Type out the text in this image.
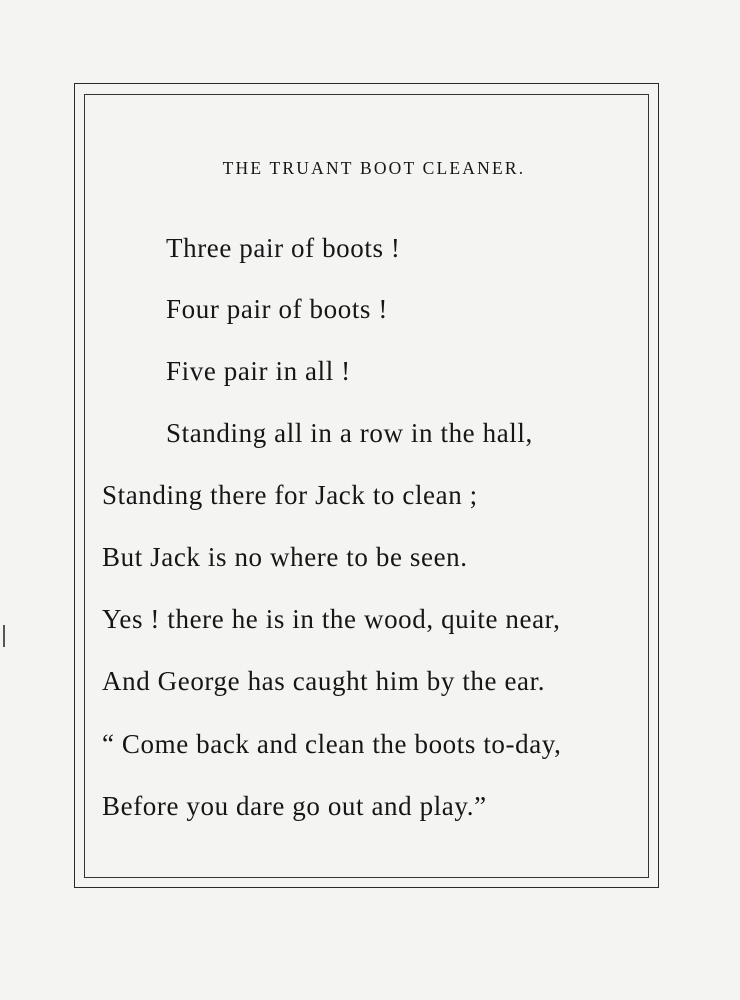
THE TRUANT BOOT CLEANER.

Three pair of boots !

Four pair of boots !

Five pair in all !

Standing all in a row in the hall,

Standing there for Jack to clean ;

But Jack is no where to be seen.

Yes ! there he is in the wood, quite near,

And George has caught him by the ear.

“ Come back and clean the boots to-day,

Before you dare go out and play.”
